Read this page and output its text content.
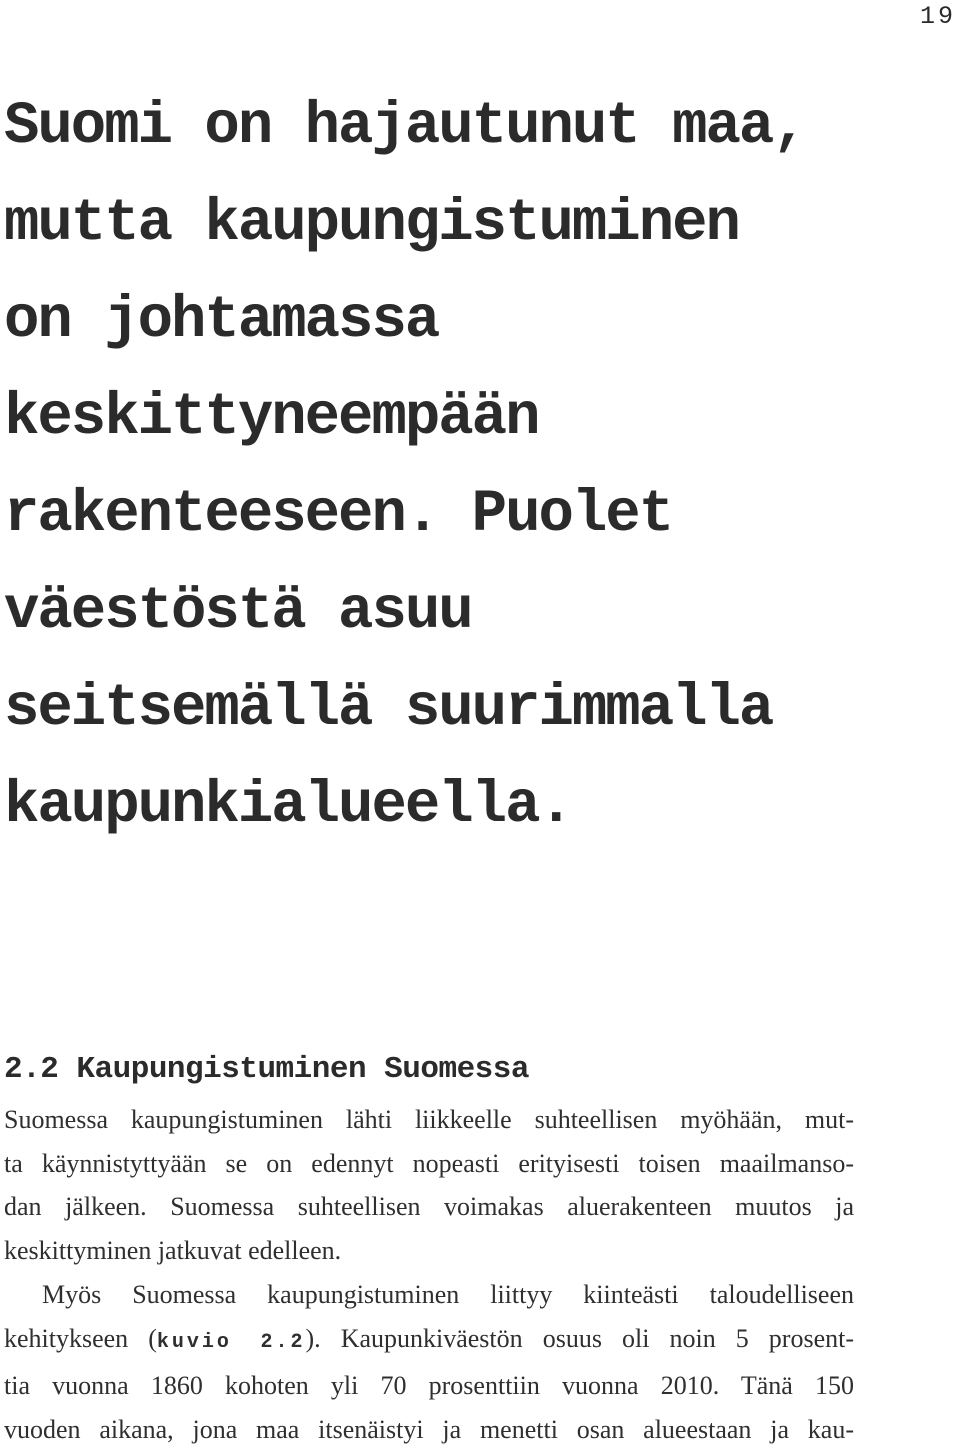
19
Suomi on hajautunut maa,
mutta kaupungistuminen
on johtamassa
keskittyneempään
rakenteeseen. Puolet
väestöstä asuu
seitsemällä suurimmalla
kaupunkialueella.
2.2 Kaupungistuminen Suomessa
Suomessa kaupungistuminen lähti liikkeelle suhteellisen myöhään, mut-
ta käynnistyttyään se on edennyt nopeasti erityisesti toisen maailmanso-
dan jälkeen. Suomessa suhteellisen voimakas aluerakenteen muutos ja
keskittyminen jatkuvat edelleen.
Myös Suomessa kaupungistuminen liittyy kiinteästi taloudelliseen
kehitykseen (kuvio 2.2). Kaupunkiväestön osuus oli noin 5 prosent-
tia vuonna 1860 kohoten yli 70 prosenttiin vuonna 2010. Tänä 150
vuoden aikana, jona maa itsenäistyi ja menetti osan alueestaan ja kau-
